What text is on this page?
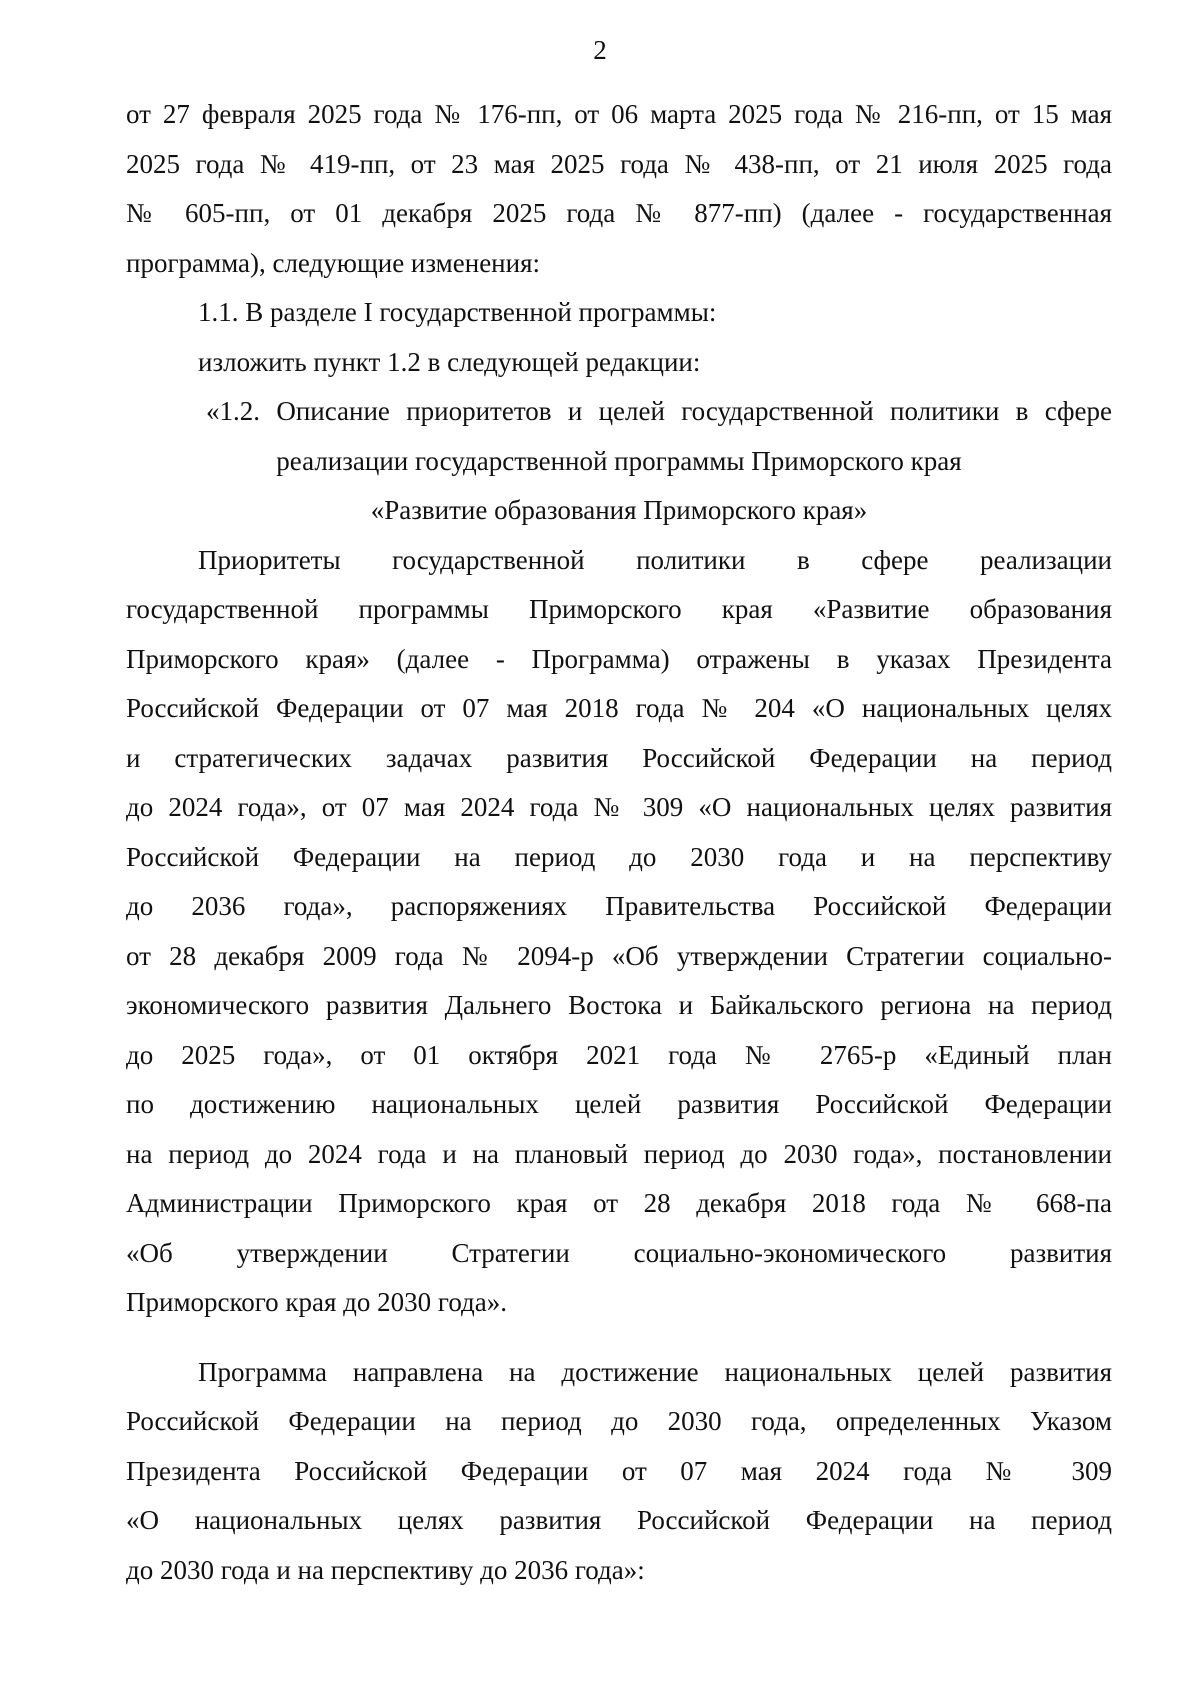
2
от 27 февраля 2025 года № 176-пп, от 06 марта 2025 года № 216-пп, от 15 мая
2025 года № 419-пп, от 23 мая 2025 года № 438-пп, от 21 июля 2025 года
№ 605-пп, от 01 декабря 2025 года № 877-пп) (далее - государственная
программа), следующие изменения:
1.1. В разделе I государственной программы:
изложить пункт 1.2 в следующей редакции:
«1.2. Описание приоритетов и целей государственной политики в сфере
реализации государственной программы Приморского края
«Развитие образования Приморского края»
Приоритеты государственной политики в сфере реализации
государственной программы Приморского края «Развитие образования
Приморского края» (далее - Программа) отражены в указах Президента
Российской Федерации от 07 мая 2018 года № 204 «О национальных целях
и стратегических задачах развития Российской Федерации на период
до 2024 года», от 07 мая 2024 года № 309 «О национальных целях развития
Российской Федерации на период до 2030 года и на перспективу
до 2036 года», распоряжениях Правительства Российской Федерации
от 28 декабря 2009 года № 2094-р «Об утверждении Стратегии социально-
экономического развития Дальнего Востока и Байкальского региона на период
до 2025 года», от 01 октября 2021 года № 2765-р «Единый план
по достижению национальных целей развития Российской Федерации
на период до 2024 года и на плановый период до 2030 года», постановлении
Администрации Приморского края от 28 декабря 2018 года № 668-па
«Об утверждении Стратегии социально-экономического развития
Приморского края до 2030 года».
Программа направлена на достижение национальных целей развития
Российской Федерации на период до 2030 года, определенных Указом
Президента Российской Федерации от 07 мая 2024 года № 309
«О национальных целях развития Российской Федерации на период
до 2030 года и на перспективу до 2036 года»:
